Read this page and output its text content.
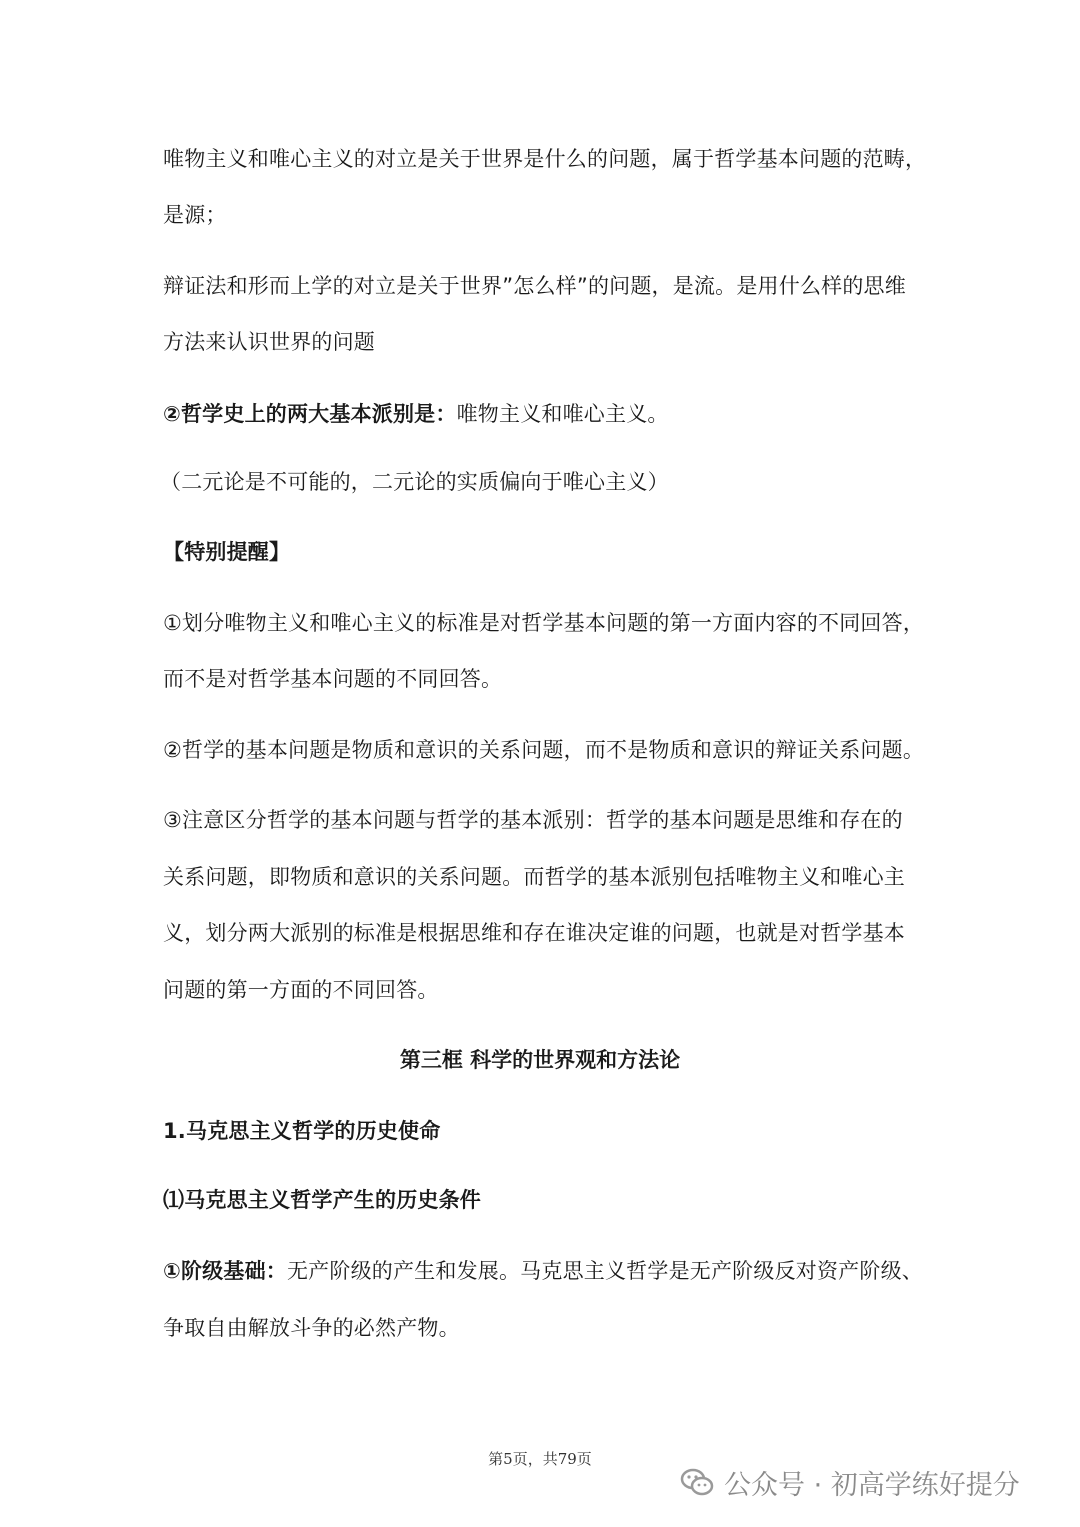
唯物主义和唯心主义的对立是关于世界是什么的问题，属于哲学基本问题的范畴，
是源；
辩证法和形而上学的对立是关于世界”怎么样”的问题，是流。是用什么样的思维
方法来认识世界的问题
②哲学史上的两大基本派别是：唯物主义和唯心主义。
（二元论是不可能的，二元论的实质偏向于唯心主义）
【特别提醒】
①划分唯物主义和唯心主义的标准是对哲学基本问题的第一方面内容的不同回答，
而不是对哲学基本问题的不同回答。
②哲学的基本问题是物质和意识的关系问题，而不是物质和意识的辩证关系问题。
③注意区分哲学的基本问题与哲学的基本派别：哲学的基本问题是思维和存在的
关系问题，即物质和意识的关系问题。而哲学的基本派别包括唯物主义和唯心主
义，划分两大派别的标准是根据思维和存在谁决定谁的问题，也就是对哲学基本
问题的第一方面的不同回答。
第三框 科学的世界观和方法论
1.马克思主义哲学的历史使命
⑴马克思主义哲学产生的历史条件
①阶级基础：无产阶级的产生和发展。马克思主义哲学是无产阶级反对资产阶级、
争取自由解放斗争的必然产物。
第5页，共79页
公众号 · 初高学练好提分
